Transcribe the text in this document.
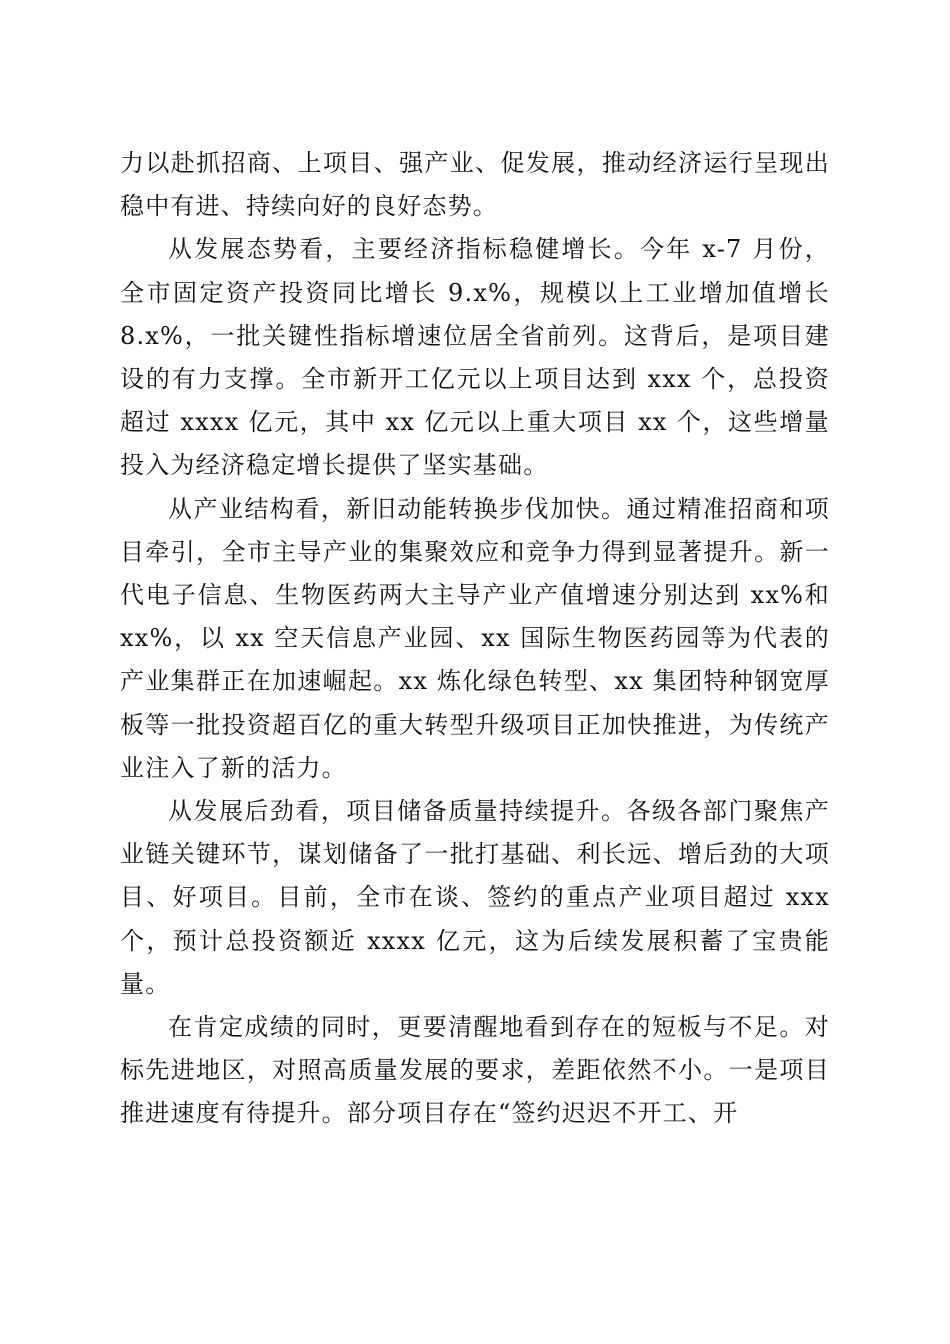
力以赴抓招商、上项目、强产业、促发展，推动经济运行呈现出稳中有进、持续向好的良好态势。

从发展态势看，主要经济指标稳健增长。今年 x-7 月份，全市固定资产投资同比增长 9.x%，规模以上工业增加值增长 8.x%，一批关键性指标增速位居全省前列。这背后，是项目建设的有力支撑。全市新开工亿元以上项目达到 xxx 个，总投资超过 xxxx 亿元，其中 xx 亿元以上重大项目 xx 个，这些增量投入为经济稳定增长提供了坚实基础。

从产业结构看，新旧动能转换步伐加快。通过精准招商和项目牵引，全市主导产业的集聚效应和竞争力得到显著提升。新一代电子信息、生物医药两大主导产业产值增速分别达到 xx%和 xx%，以 xx 空天信息产业园、xx 国际生物医药园等为代表的产业集群正在加速崛起。xx 炼化绿色转型、xx 集团特种钢宽厚板等一批投资超百亿的重大转型升级项目正加快推进，为传统产业注入了新的活力。

从发展后劲看，项目储备质量持续提升。各级各部门聚焦产业链关键环节，谋划储备了一批打基础、利长远、增后劲的大项目、好项目。目前，全市在谈、签约的重点产业项目超过 xxx 个，预计总投资额近 xxxx 亿元，这为后续发展积蓄了宝贵能量。

在肯定成绩的同时，更要清醒地看到存在的短板与不足。对标先进地区，对照高质量发展的要求，差距依然不小。一是项目推进速度有待提升。部分项目存在“签约迟迟不开工、开
